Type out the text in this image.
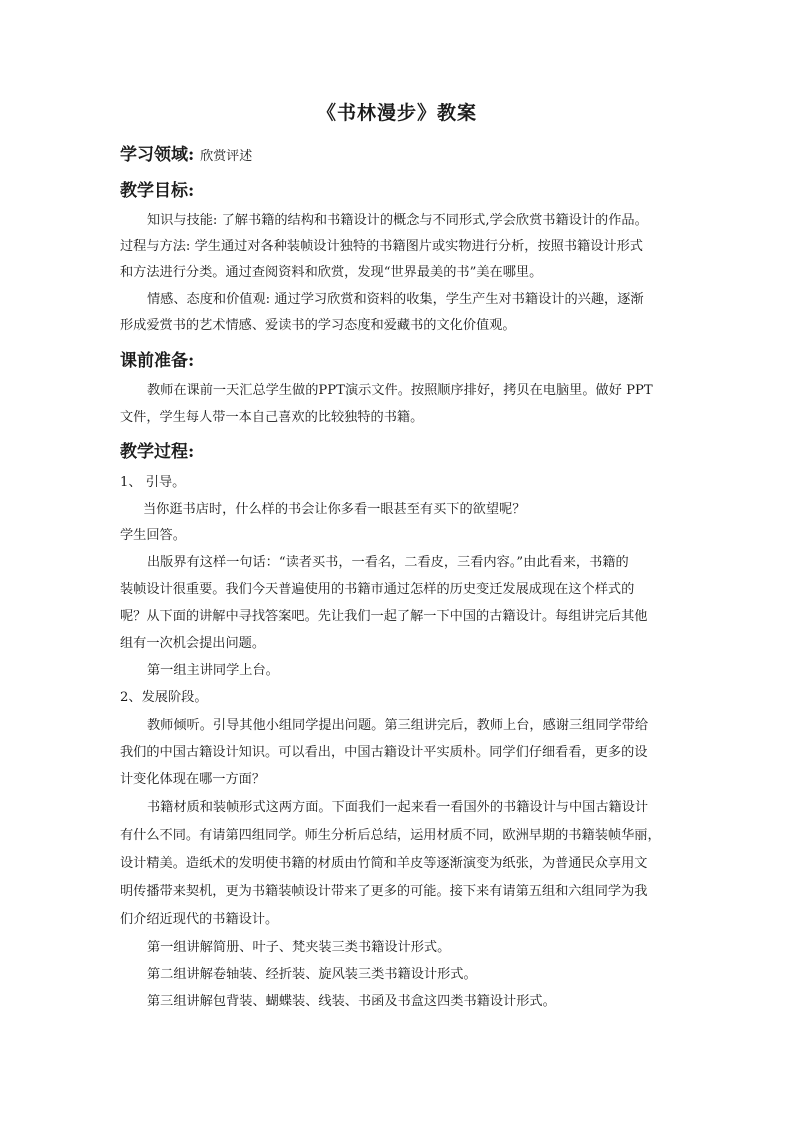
《书林漫步》教案
学习领域: 欣赏评述
教学目标:
知识与技能: 了解书籍的结构和书籍设计的概念与不同形式,学会欣赏书籍设计的作品。
过程与方法: 学生通过对各种装帧设计独特的书籍图片或实物进行分析，按照书籍设计形式
和方法进行分类。通过查阅资料和欣赏，发现“世界最美的书”美在哪里。
情感、态度和价值观: 通过学习欣赏和资料的收集，学生产生对书籍设计的兴趣，逐渐
形成爱赏书的艺术情感、爱读书的学习态度和爱藏书的文化价值观。
课前准备:
教师在课前一天汇总学生做的PPT演示文件。按照顺序排好，拷贝在电脑里。做好 PPT
文件，学生每人带一本自己喜欢的比较独特的书籍。
教学过程:
1、 引导。
当你逛书店时，什么样的书会让你多看一眼甚至有买下的欲望呢？
学生回答。
出版界有这样一句话：“读者买书，一看名，二看皮，三看内容。”由此看来，书籍的
装帧设计很重要。我们今天普遍使用的书籍市通过怎样的历史变迁发展成现在这个样式的
呢？从下面的讲解中寻找答案吧。先让我们一起了解一下中国的古籍设计。每组讲完后其他
组有一次机会提出问题。
第一组主讲同学上台。
2、发展阶段。
教师倾听。引导其他小组同学提出问题。第三组讲完后，教师上台，感谢三组同学带给
我们的中国古籍设计知识。可以看出，中国古籍设计平实质朴。同学们仔细看看，更多的设
计变化体现在哪一方面？
书籍材质和装帧形式这两方面。下面我们一起来看一看国外的书籍设计与中国古籍设计
有什么不同。有请第四组同学。师生分析后总结，运用材质不同，欧洲早期的书籍装帧华丽，
设计精美。造纸术的发明使书籍的材质由竹简和羊皮等逐渐演变为纸张，为普通民众享用文
明传播带来契机，更为书籍装帧设计带来了更多的可能。接下来有请第五组和六组同学为我
们介绍近现代的书籍设计。
第一组讲解简册、叶子、梵夹装三类书籍设计形式。
第二组讲解卷轴装、经折装、旋风装三类书籍设计形式。
第三组讲解包背装、蝴蝶装、线装、书函及书盒这四类书籍设计形式。
